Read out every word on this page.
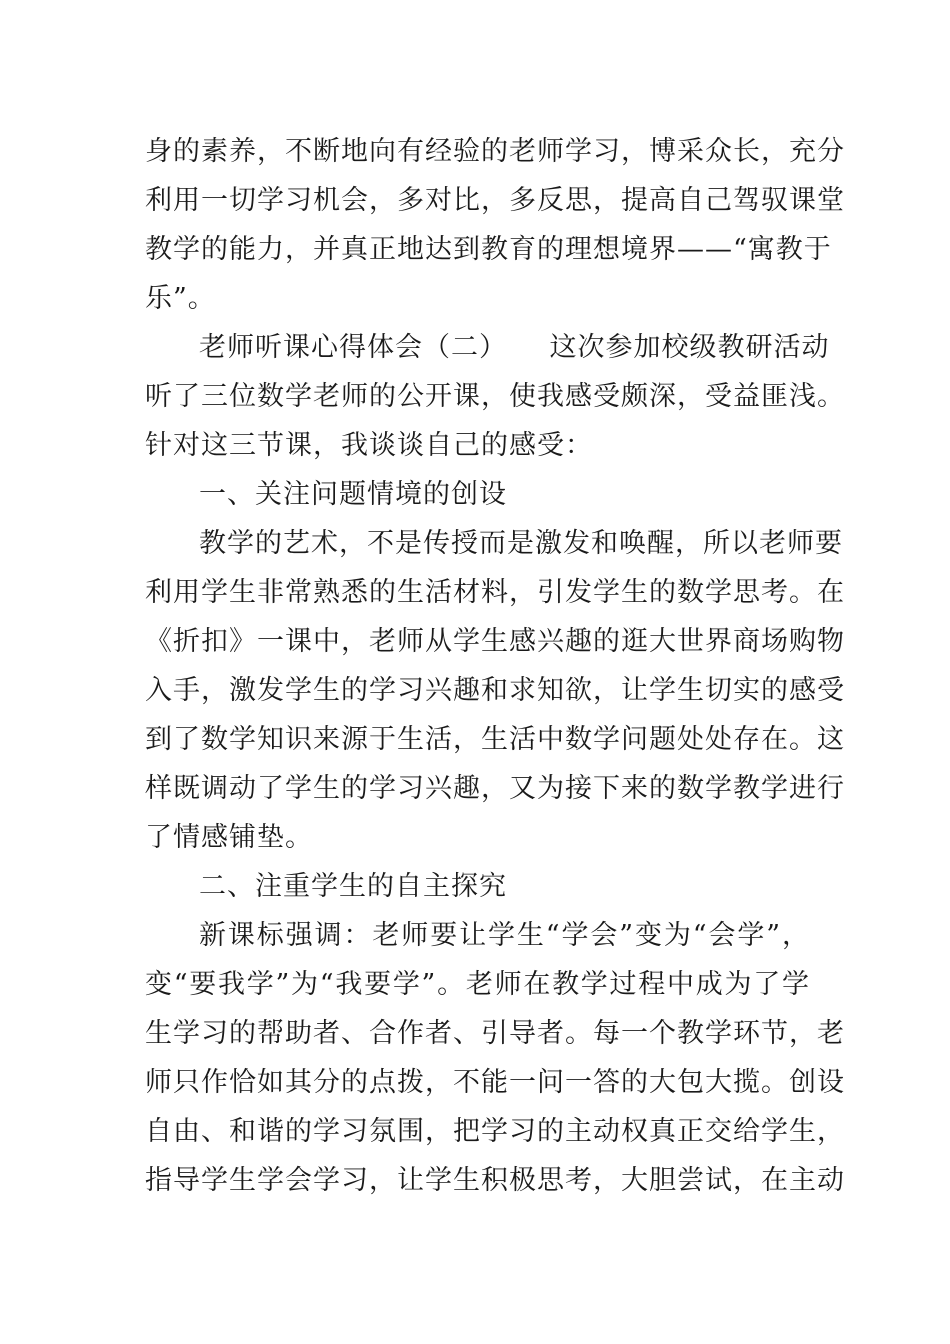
身的素养，不断地向有经验的老师学习，博采众长，充分
利用一切学习机会，多对比，多反思，提高自己驾驭课堂
教学的能力，并真正地达到教育的理想境界——“寓教于
乐”。
老师听课心得体会（二）　　这次参加校级教研活动
听了三位数学老师的公开课，使我感受颇深，受益匪浅。
针对这三节课，我谈谈自己的感受：
一、关注问题情境的创设
教学的艺术，不是传授而是激发和唤醒，所以老师要
利用学生非常熟悉的生活材料，引发学生的数学思考。在
《折扣》一课中，老师从学生感兴趣的逛大世界商场购物
入手，激发学生的学习兴趣和求知欲，让学生切实的感受
到了数学知识来源于生活，生活中数学问题处处存在。这
样既调动了学生的学习兴趣，又为接下来的数学教学进行
了情感铺垫。
二、注重学生的自主探究
新课标强调：老师要让学生“学会”变为“会学”，
变“要我学”为“我要学”。老师在教学过程中成为了学
生学习的帮助者、合作者、引导者。每一个教学环节，老
师只作恰如其分的点拨，不能一问一答的大包大揽。创设
自由、和谐的学习氛围，把学习的主动权真正交给学生，
指导学生学会学习，让学生积极思考，大胆尝试，在主动
